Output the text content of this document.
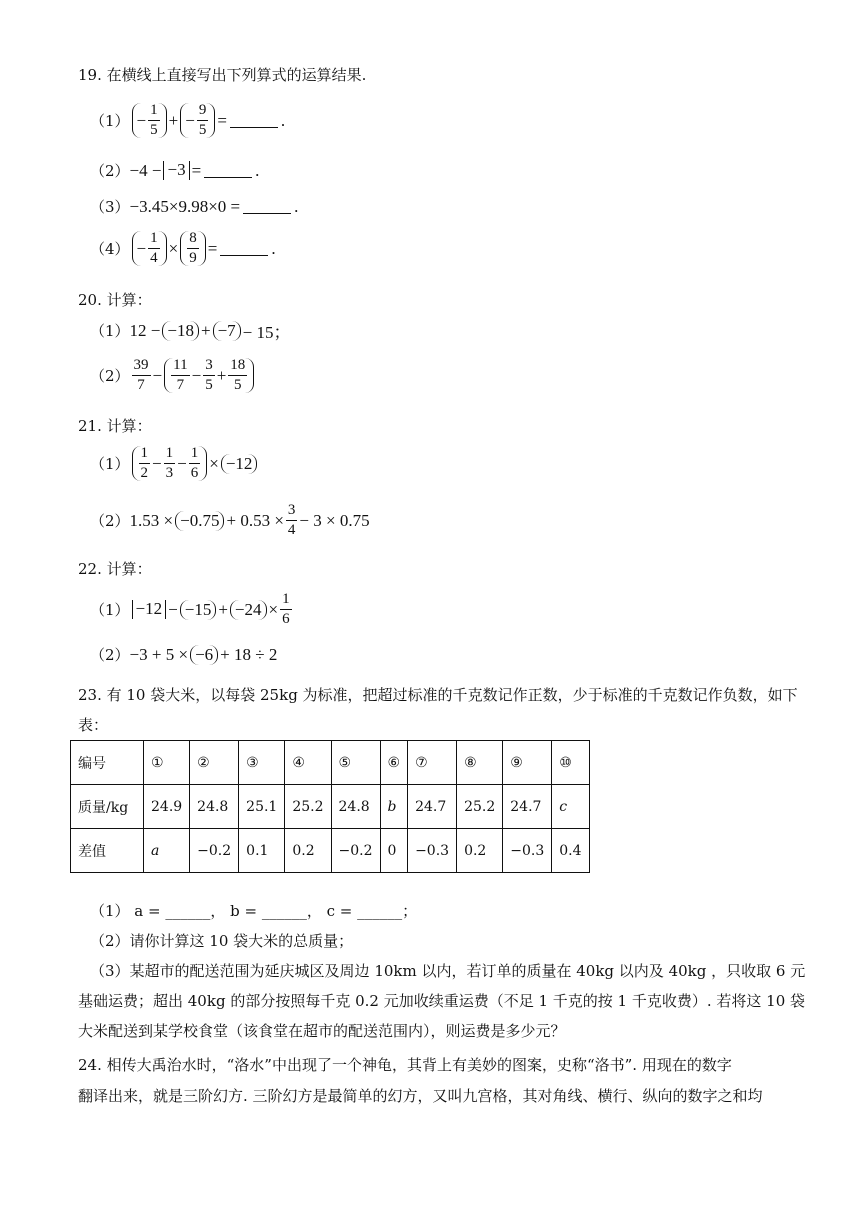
19. 在横线上直接写出下列算式的运算结果.
$(1) - \frac{1}{5}$ + − $\frac{9}{5}$ =	.
（2） −4 − −3 =	.
（3） −3.45×9.98×0 =	.
$(4) - \frac{1}{4} \times \frac{8}{9}$ =	.
20. 计算：
（1） 12 − −18 + −7 − 15；
$(2) \frac{39}{7} - \frac{11}{7} - \frac{3}{5} + \frac{18}{5}$
21. 计算：
$(1) \frac{1}{2} - \frac{1}{3} - \frac{1}{6} \times -12$
（2） $1.53 \times -0.75 + 0.53 \times \frac{3}{4} - 3 \times 0.75$
22. 计算：
$(1) -12 - -15 + -24 \times \frac{1}{6}$
（2） −3 + 5 × −6 + 18 ÷ 2
23. 有 10 袋大米，以每袋 25kg 为标准，把超过标准的千克数记作正数，少于标准的千克数记作负数，如下
表：
编号	①	②	③	④	⑤	⑥	⑦	⑧	⑨	⑩
质量/kg	24.9	24.8	25.1	25.2	24.8	b	24.7	25.2	24.7	c
差值	a	−0.2	0.1	0.2	−0.2	0	−0.3	0.2	−0.3	0.4
（1） a = ______， b = ______， c = ______；
（2）请你计算这 10 袋大米的总质量；
（3）某超市的配送范围为延庆城区及周边 10km 以内，若订单的质量在 40kg 以内及 40kg ，只收取 6 元
基础运费；超出 40kg 的部分按照每千克 0.2 元加收续重运费（不足 1 千克的按 1 千克收费）. 若将这 10 袋
大米配送到某学校食堂（该食堂在超市的配送范围内），则运费是多少元？
24. 相传大禹治水时，“洛水”中出现了一个神龟，其背上有美妙的图案，史称“洛书”. 用现在的数字
翻译出来，就是三阶幻方. 三阶幻方是最简单的幻方，又叫九宫格，其对角线、横行、纵向的数字之和均
